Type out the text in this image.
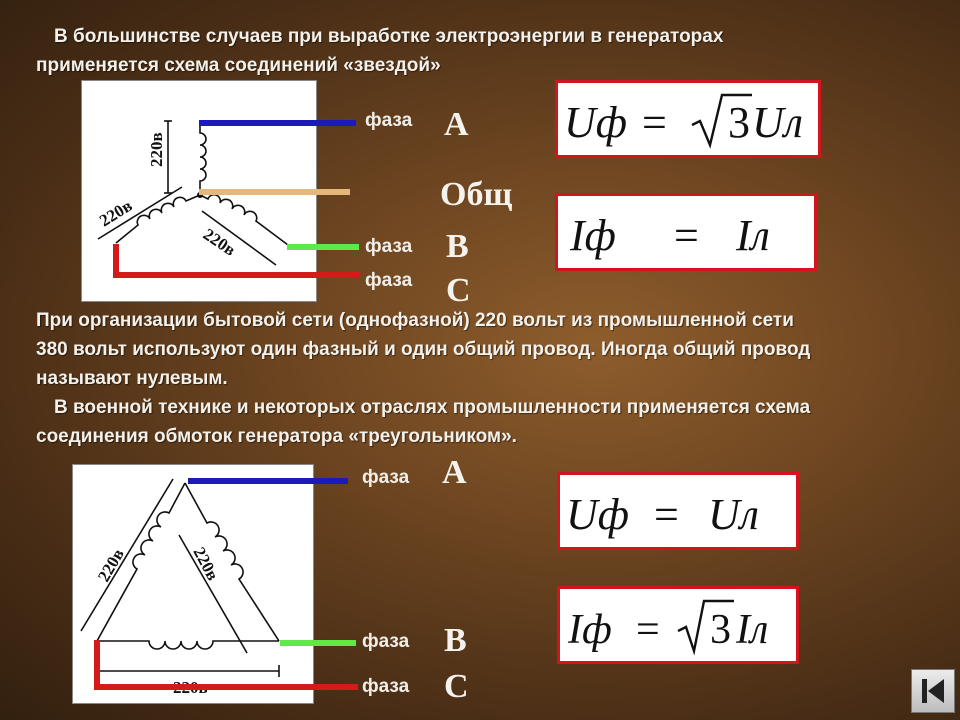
В большинстве случаев при выработке электроэнергии в генераторах
применяется схема соединений «звездой»
220в
220в
220в
фаза
фаза
фаза
A
Общ
B
C
Uф = 3 Uл
Iф = Iл
При организации бытовой сети (однофазной) 220 вольт из промышленной сети
380 вольт используют один фазный и один общий провод. Иногда общий провод
называют нулевым.
В военной технике и некоторых отраслях промышленности применяется схема
соединения обмоток генератора «треугольником».
220в	220в
фаза
фаза
фаза
A
B
C
Uф = Uл
Iф = 3 Iл
